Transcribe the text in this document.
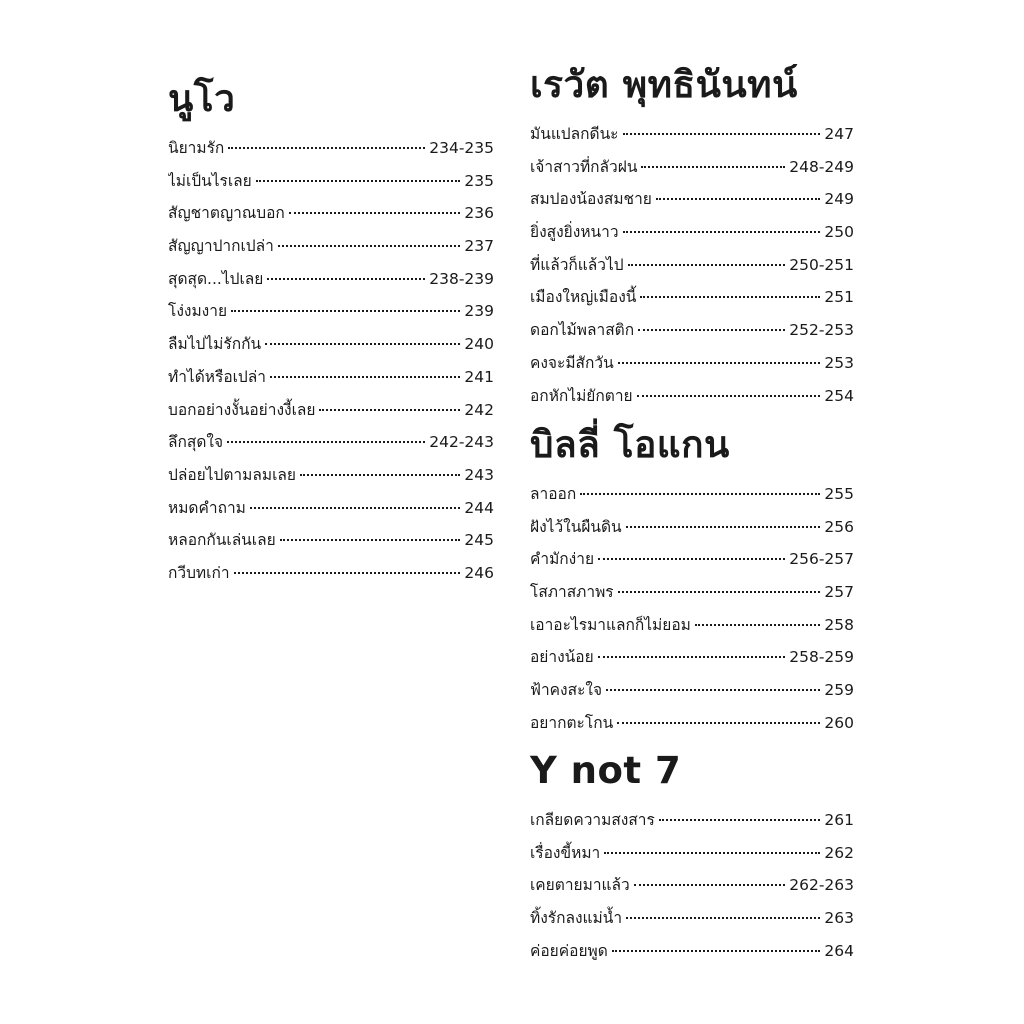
นูโว
นิยามรัก	234-235
ไม่เป็นไรเลย	235
สัญชาตญาณบอก	236
สัญญาปากเปล่า	237
สุดสุด...ไปเลย	238-239
โง่งมงาย	239
ลืมไปไม่รักกัน	240
ทำได้หรือเปล่า	241
บอกอย่างงั้นอย่างงี้เลย	242
ลึกสุดใจ	242-243
ปล่อยไปตามลมเลย	243
หมดคำถาม	244
หลอกกันเล่นเลย	245
กวีบทเก่า	246
เรวัต พุทธินันทน์
มันแปลกดีนะ	247
เจ้าสาวที่กลัวฝน	248-249
สมปองน้องสมชาย	249
ยิ่งสูงยิ่งหนาว	250
ที่แล้วก็แล้วไป	250-251
เมืองใหญ่เมืองนี้	251
ดอกไม้พลาสติก	252-253
คงจะมีสักวัน	253
อกหักไม่ยักตาย	254
บิลลี่ โอแกน
ลาออก	255
ฝังไว้ในผืนดิน	256
คำมักง่าย	256-257
โสภาสภาพร	257
เอาอะไรมาแลกก็ไม่ยอม	258
อย่างน้อย	258-259
ฟ้าคงสะใจ	259
อยากตะโกน	260
Y not 7
เกลียดความสงสาร	261
เรื่องขี้หมา	262
เคยตายมาแล้ว	262-263
ทิ้งรักลงแม่น้ำ	263
ค่อยค่อยพูด	264
